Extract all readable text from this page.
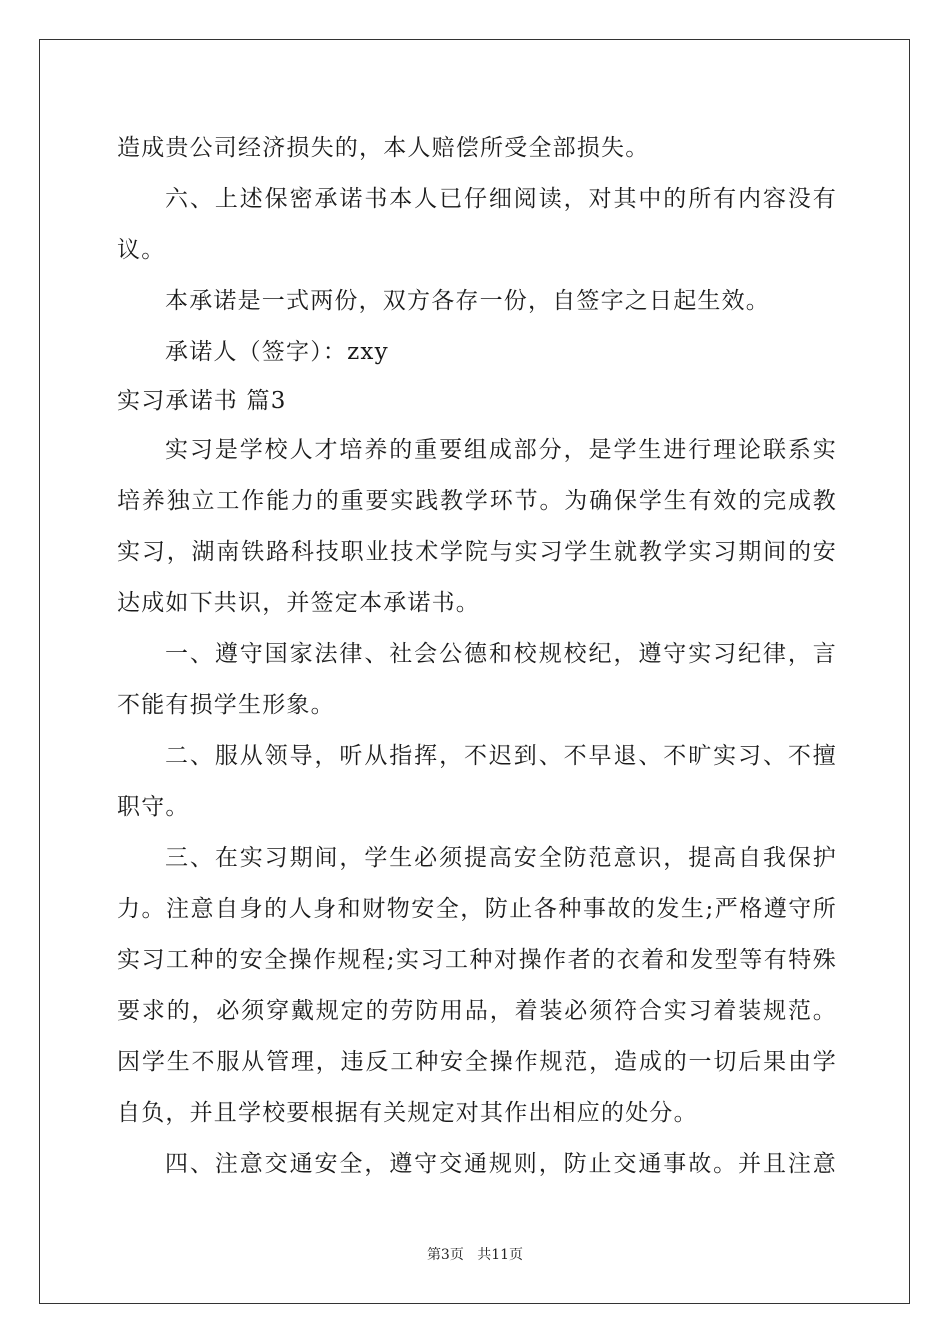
造成贵公司经济损失的，本人赔偿所受全部损失。
六、上述保密承诺书本人已仔细阅读，对其中的所有内容没有
议。
本承诺是一式两份，双方各存一份，自签字之日起生效。
承诺人（签字）：zxy
实习承诺书 篇3
实习是学校人才培养的重要组成部分，是学生进行理论联系实
培养独立工作能力的重要实践教学环节。为确保学生有效的完成教
实习，湖南铁路科技职业技术学院与实习学生就教学实习期间的安
达成如下共识，并签定本承诺书。
一、遵守国家法律、社会公德和校规校纪，遵守实习纪律，言
不能有损学生形象。
二、服从领导，听从指挥，不迟到、不早退、不旷实习、不擅
职守。
三、在实习期间，学生必须提高安全防范意识，提高自我保护
力。注意自身的人身和财物安全，防止各种事故的发生;严格遵守所
实习工种的安全操作规程;实习工种对操作者的衣着和发型等有特殊
要求的，必须穿戴规定的劳防用品，着装必须符合实习着装规范。
因学生不服从管理，违反工种安全操作规范，造成的一切后果由学
自负，并且学校要根据有关规定对其作出相应的处分。
四、注意交通安全，遵守交通规则，防止交通事故。并且注意
第3页 共11页
